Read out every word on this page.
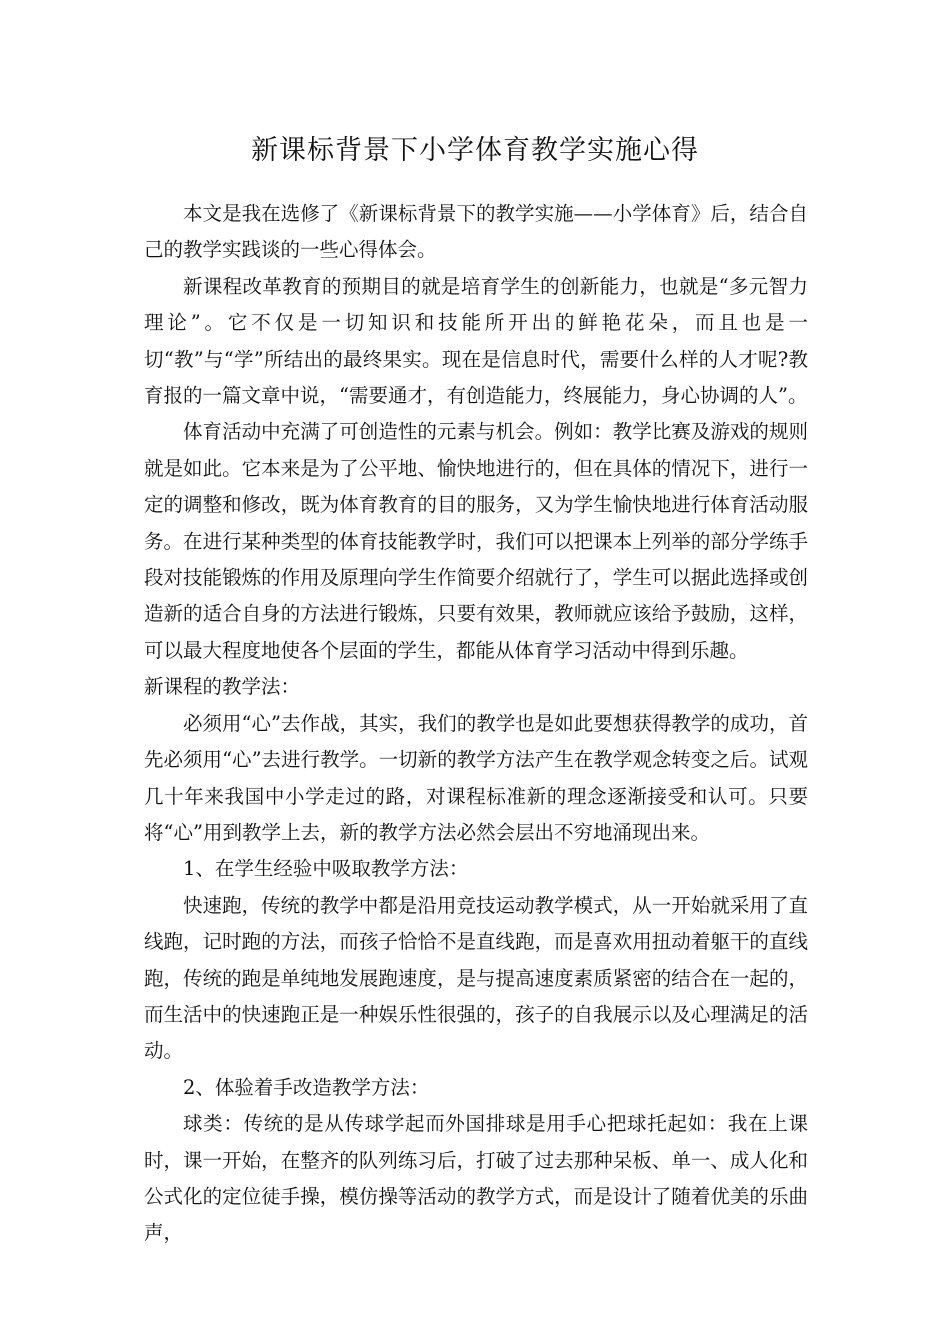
新课标背景下小学体育教学实施心得

本文是我在选修了《新课标背景下的教学实施——小学体育》后，结合自己的教学实践谈的一些心得体会。

新课程改革教育的预期目的就是培育学生的创新能力，也就是“多元智力理论”。它不仅是一切知识和技能所开出的鲜艳花朵，而且也是一切“教”与“学”所结出的最终果实。现在是信息时代，需要什么样的人才呢?教育报的一篇文章中说，“需要通才，有创造能力，终展能力，身心协调的人”。

体育活动中充满了可创造性的元素与机会。例如：教学比赛及游戏的规则就是如此。它本来是为了公平地、愉快地进行的，但在具体的情况下，进行一定的调整和修改，既为体育教育的目的服务，又为学生愉快地进行体育活动服务。在进行某种类型的体育技能教学时，我们可以把课本上列举的部分学练手段对技能锻炼的作用及原理向学生作简要介绍就行了，学生可以据此选择或创造新的适合自身的方法进行锻炼，只要有效果，教师就应该给予鼓励，这样，可以最大程度地使各个层面的学生，都能从体育学习活动中得到乐趣。

新课程的教学法：

必须用“心”去作战，其实，我们的教学也是如此要想获得教学的成功，首先必须用“心”去进行教学。一切新的教学方法产生在教学观念转变之后。试观几十年来我国中小学走过的路，对课程标准新的理念逐渐接受和认可。只要将“心”用到教学上去，新的教学方法必然会层出不穷地涌现出来。

1、在学生经验中吸取教学方法：

快速跑，传统的教学中都是沿用竞技运动教学模式，从一开始就采用了直线跑，记时跑的方法，而孩子恰恰不是直线跑，而是喜欢用扭动着躯干的直线跑，传统的跑是单纯地发展跑速度，是与提高速度素质紧密的结合在一起的，而生活中的快速跑正是一种娱乐性很强的，孩子的自我展示以及心理满足的活动。

2、体验着手改造教学方法：

球类：传统的是从传球学起而外国排球是用手心把球托起如：我在上课时，课一开始，在整齐的队列练习后，打破了过去那种呆板、单一、成人化和公式化的定位徒手操，模仿操等活动的教学方式，而是设计了随着优美的乐曲声，
